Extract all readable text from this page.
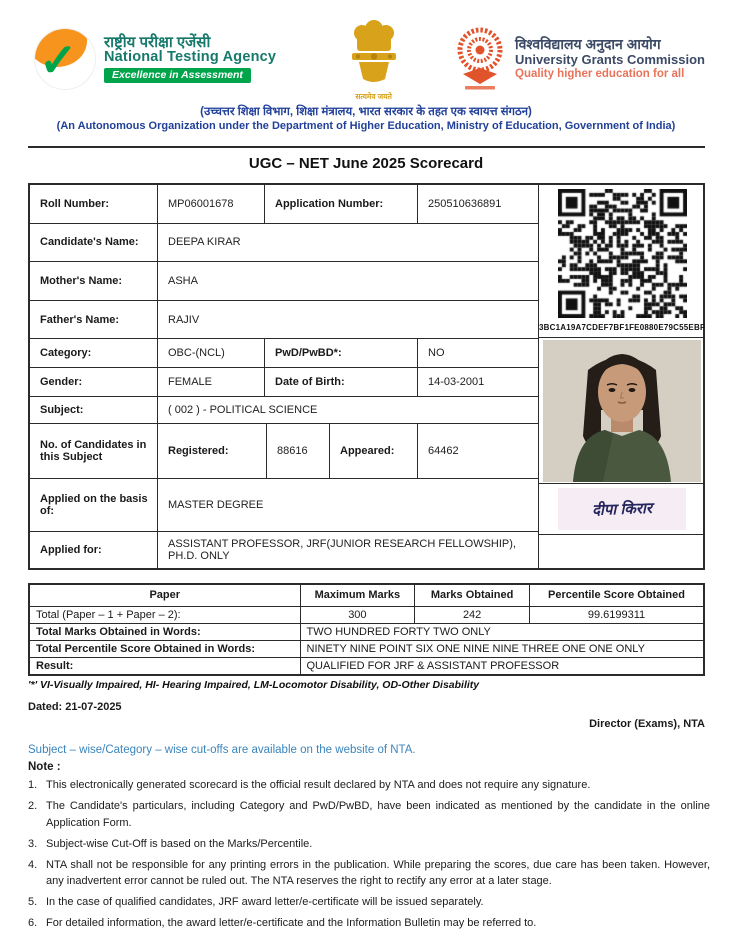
✓ राष्ट्रीय परीक्षा एजेंसी
National Testing Agency
Excellence in Assessment
सत्यमेव जयते
विश्वविद्यालय अनुदान आयोग
University Grants Commission
Quality higher education for all
(उच्चत्तर शिक्षा विभाग, शिक्षा मंत्रालय, भारत सरकार के तहत एक स्वायत्त संगठन)
(An Autonomous Organization under the Department of Higher Education, Ministry of Education, Government of India)
UGC – NET June 2025 Scorecard
Roll Number:	MP06001678	Application Number:	250510636891
Candidate's Name:	DEEPA KIRAR
Mother's Name:	ASHA
Father's Name:	RAJIV
Category:	OBC-(NCL)	PwD/PwBD*:	NO
Gender:	FEMALE	Date of Birth:	14-03-2001
Subject:	( 002 ) - POLITICAL SCIENCE
No. of Candidates in this Subject	Registered:	88616	Appeared:	64462
Applied on the basis of:	MASTER DEGREE
Applied for:	ASSISTANT PROFESSOR, JRF(JUNIOR RESEARCH FELLOWSHIP), PH.D. ONLY
3BC1A19A7CDEF7BF1FE0880E79C55EBF
दीपा किरार
Paper	Maximum Marks	Marks Obtained	Percentile Score Obtained
Total (Paper – 1 + Paper – 2):	300	242	99.6199311
Total Marks Obtained in Words:	TWO HUNDRED FORTY TWO ONLY		
Total Percentile Score Obtained in Words:	NINETY NINE POINT SIX ONE NINE NINE THREE ONE ONE ONLY		
Result:	QUALIFIED FOR JRF & ASSISTANT PROFESSOR		
'*' VI-Visually Impaired, HI- Hearing Impaired, LM-Locomotor Disability, OD-Other Disability
Dated: 21-07-2025
Director (Exams), NTA
Subject – wise/Category – wise cut-offs are available on the website of NTA.
Note :
This electronically generated scorecard is the official result declared by NTA and does not require any signature.
The Candidate's particulars, including Category and PwD/PwBD, have been indicated as mentioned by the candidate in the online Application Form.
Subject-wise Cut-Off is based on the Marks/Percentile.
NTA shall not be responsible for any printing errors in the publication. While preparing the scores, due care has been taken. However, any inadvertent error cannot be ruled out. The NTA reserves the right to rectify any error at a later stage.
In the case of qualified candidates, JRF award letter/e-certificate will be issued separately.
For detailed information, the award letter/e-certificate and the Information Bulletin may be referred to.
